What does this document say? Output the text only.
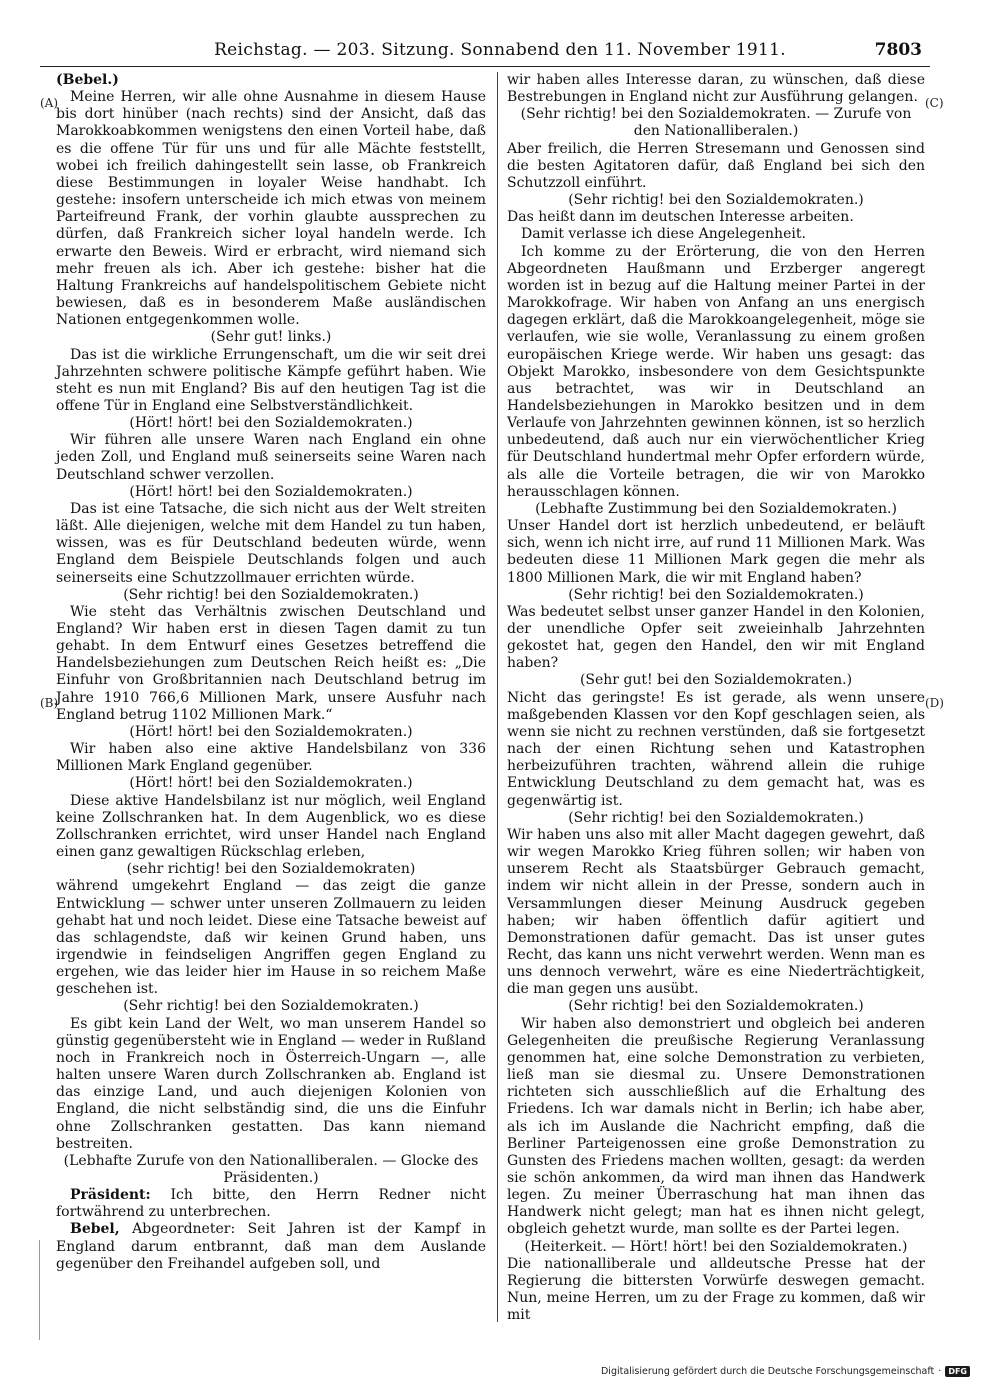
Reichstag. — 203. Sitzung. Sonnabend den 11. November 1911.	7803
(A)
(B)
(C)
(D)

(Bebel.)

Meine Herren, wir alle ohne Ausnahme in diesem Hause bis dort hinüber (nach rechts) sind der Ansicht, daß das Marokkoabkommen wenigstens den einen Vorteil habe, daß es die offene Tür für uns und für alle Mächte feststellt, wobei ich freilich dahingestellt sein lasse, ob Frankreich diese Bestimmungen in loyaler Weise handhabt. Ich gestehe: insofern unterscheide ich mich etwas von meinem Parteifreund Frank, der vorhin glaubte aussprechen zu dürfen, daß Frankreich sicher loyal handeln werde. Ich erwarte den Beweis. Wird er erbracht, wird niemand sich mehr freuen als ich. Aber ich gestehe: bisher hat die Haltung Frankreichs auf handelspolitischem Gebiete nicht bewiesen, daß es in besonderem Maße ausländischen Nationen entgegenkommen wolle.

(Sehr gut! links.)

Das ist die wirkliche Errungenschaft, um die wir seit drei Jahrzehnten schwere politische Kämpfe geführt haben. Wie steht es nun mit England? Bis auf den heutigen Tag ist die offene Tür in England eine Selbstverständlichkeit.

(Hört! hört! bei den Sozialdemokraten.)

Wir führen alle unsere Waren nach England ein ohne jeden Zoll, und England muß seinerseits seine Waren nach Deutschland schwer verzollen.

(Hört! hört! bei den Sozialdemokraten.)

Das ist eine Tatsache, die sich nicht aus der Welt streiten läßt. Alle diejenigen, welche mit dem Handel zu tun haben, wissen, was es für Deutschland bedeuten würde, wenn England dem Beispiele Deutschlands folgen und auch seinerseits eine Schutzzollmauer errichten würde.

(Sehr richtig! bei den Sozialdemokraten.)

Wie steht das Verhältnis zwischen Deutschland und England? Wir haben erst in diesen Tagen damit zu tun gehabt. In dem Entwurf eines Gesetzes betreffend die Handelsbeziehungen zum Deutschen Reich heißt es: „Die Einfuhr von Großbritannien nach Deutschland betrug im Jahre 1910 766,6 Millionen Mark, unsere Ausfuhr nach England betrug 1102 Millionen Mark.“

(Hört! hört! bei den Sozialdemokraten.)

Wir haben also eine aktive Handelsbilanz von 336 Millionen Mark England gegenüber.

(Hört! hört! bei den Sozialdemokraten.)

Diese aktive Handelsbilanz ist nur möglich, weil England keine Zollschranken hat. In dem Augenblick, wo es diese Zollschranken errichtet, wird unser Handel nach England einen ganz gewaltigen Rückschlag erleben,

(sehr richtig! bei den Sozialdemokraten)

während umgekehrt England — das zeigt die ganze Entwicklung — schwer unter unseren Zollmauern zu leiden gehabt hat und noch leidet. Diese eine Tatsache beweist auf das schlagendste, daß wir keinen Grund haben, uns irgendwie in feindseligen Angriffen gegen England zu ergehen, wie das leider hier im Hause in so reichem Maße geschehen ist.

(Sehr richtig! bei den Sozialdemokraten.)

Es gibt kein Land der Welt, wo man unserem Handel so günstig gegenübersteht wie in England — weder in Rußland noch in Frankreich noch in Österreich-Ungarn —, alle halten unsere Waren durch Zollschranken ab. England ist das einzige Land, und auch diejenigen Kolonien von England, die nicht selbständig sind, die uns die Einfuhr ohne Zollschranken gestatten. Das kann niemand bestreiten.

(Lebhafte Zurufe von den Nationalliberalen. — Glocke des Präsidenten.)

Präsident: Ich bitte, den Herrn Redner nicht fortwährend zu unterbrechen.

Bebel, Abgeordneter: Seit Jahren ist der Kampf in England darum entbrannt, daß man dem Auslande gegenüber den Freihandel aufgeben soll, und

wir haben alles Interesse daran, zu wünschen, daß diese Bestrebungen in England nicht zur Ausführung gelangen.

(Sehr richtig! bei den Sozialdemokraten. — Zurufe von den Nationalliberalen.)

Aber freilich, die Herren Stresemann und Genossen sind die besten Agitatoren dafür, daß England bei sich den Schutzzoll einführt.

(Sehr richtig! bei den Sozialdemokraten.)

Das heißt dann im deutschen Interesse arbeiten.

Damit verlasse ich diese Angelegenheit.

Ich komme zu der Erörterung, die von den Herren Abgeordneten Haußmann und Erzberger angeregt worden ist in bezug auf die Haltung meiner Partei in der Marokkofrage. Wir haben von Anfang an uns energisch dagegen erklärt, daß die Marokkoangelegenheit, möge sie verlaufen, wie sie wolle, Veranlassung zu einem großen europäischen Kriege werde. Wir haben uns gesagt: das Objekt Marokko, insbesondere von dem Gesichtspunkte aus betrachtet, was wir in Deutschland an Handelsbeziehungen in Marokko besitzen und in dem Verlaufe von Jahrzehnten gewinnen können, ist so herzlich unbedeutend, daß auch nur ein vierwöchentlicher Krieg für Deutschland hundertmal mehr Opfer erfordern würde, als alle die Vorteile betragen, die wir von Marokko herausschlagen können.

(Lebhafte Zustimmung bei den Sozialdemokraten.)

Unser Handel dort ist herzlich unbedeutend, er beläuft sich, wenn ich nicht irre, auf rund 11 Millionen Mark. Was bedeuten diese 11 Millionen Mark gegen die mehr als 1800 Millionen Mark, die wir mit England haben?

(Sehr richtig! bei den Sozialdemokraten.)

Was bedeutet selbst unser ganzer Handel in den Kolonien, der unendliche Opfer seit zweieinhalb Jahrzehnten gekostet hat, gegen den Handel, den wir mit England haben?

(Sehr gut! bei den Sozialdemokraten.)

Nicht das geringste! Es ist gerade, als wenn unsere maßgebenden Klassen vor den Kopf geschlagen seien, als wenn sie nicht zu rechnen verstünden, daß sie fortgesetzt nach der einen Richtung sehen und Katastrophen herbeizuführen trachten, während allein die ruhige Entwicklung Deutschland zu dem gemacht hat, was es gegenwärtig ist.

(Sehr richtig! bei den Sozialdemokraten.)

Wir haben uns also mit aller Macht dagegen gewehrt, daß wir wegen Marokko Krieg führen sollen; wir haben von unserem Recht als Staatsbürger Gebrauch gemacht, indem wir nicht allein in der Presse, sondern auch in Versammlungen dieser Meinung Ausdruck gegeben haben; wir haben öffentlich dafür agitiert und Demonstrationen dafür gemacht. Das ist unser gutes Recht, das kann uns nicht verwehrt werden. Wenn man es uns dennoch verwehrt, wäre es eine Niederträchtigkeit, die man gegen uns ausübt.

(Sehr richtig! bei den Sozialdemokraten.)

Wir haben also demonstriert und obgleich bei anderen Gelegenheiten die preußische Regierung Veranlassung genommen hat, eine solche Demonstration zu verbieten, ließ man sie diesmal zu. Unsere Demonstrationen richteten sich ausschließlich auf die Erhaltung des Friedens. Ich war damals nicht in Berlin; ich habe aber, als ich im Auslande die Nachricht empfing, daß die Berliner Parteigenossen eine große Demonstration zu Gunsten des Friedens machen wollten, gesagt: da werden sie schön ankommen, da wird man ihnen das Handwerk legen. Zu meiner Überraschung hat man ihnen das Handwerk nicht gelegt; man hat es ihnen nicht gelegt, obgleich gehetzt wurde, man sollte es der Partei legen.

(Heiterkeit. — Hört! hört! bei den Sozialdemokraten.)

Die nationalliberale und alldeutsche Presse hat der Regierung die bittersten Vorwürfe deswegen gemacht. Nun, meine Herren, um zu der Frage zu kommen, daß wir mit

Digitalisierung gefördert durch die Deutsche Forschungsgemeinschaft · DFG
